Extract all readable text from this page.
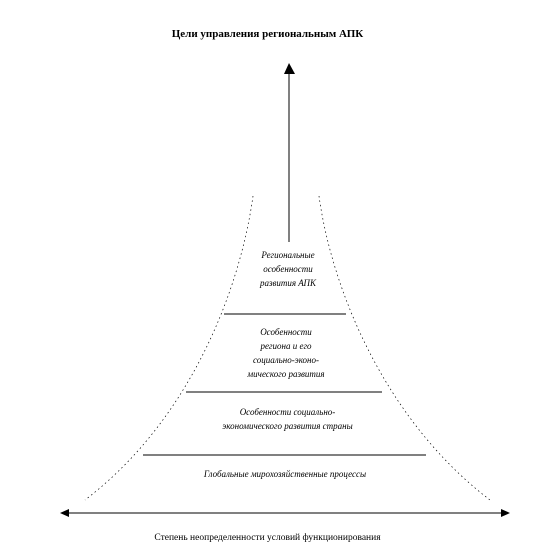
Цели управления региональным АПК
Региональные
особенности
развития АПК
Особенности
региона и его
социально-эконо-
мического развития
Особенности социально-
экономического развития страны
Глобальные мирохозяйственные процессы
Степень неопределенности условий функционирования
